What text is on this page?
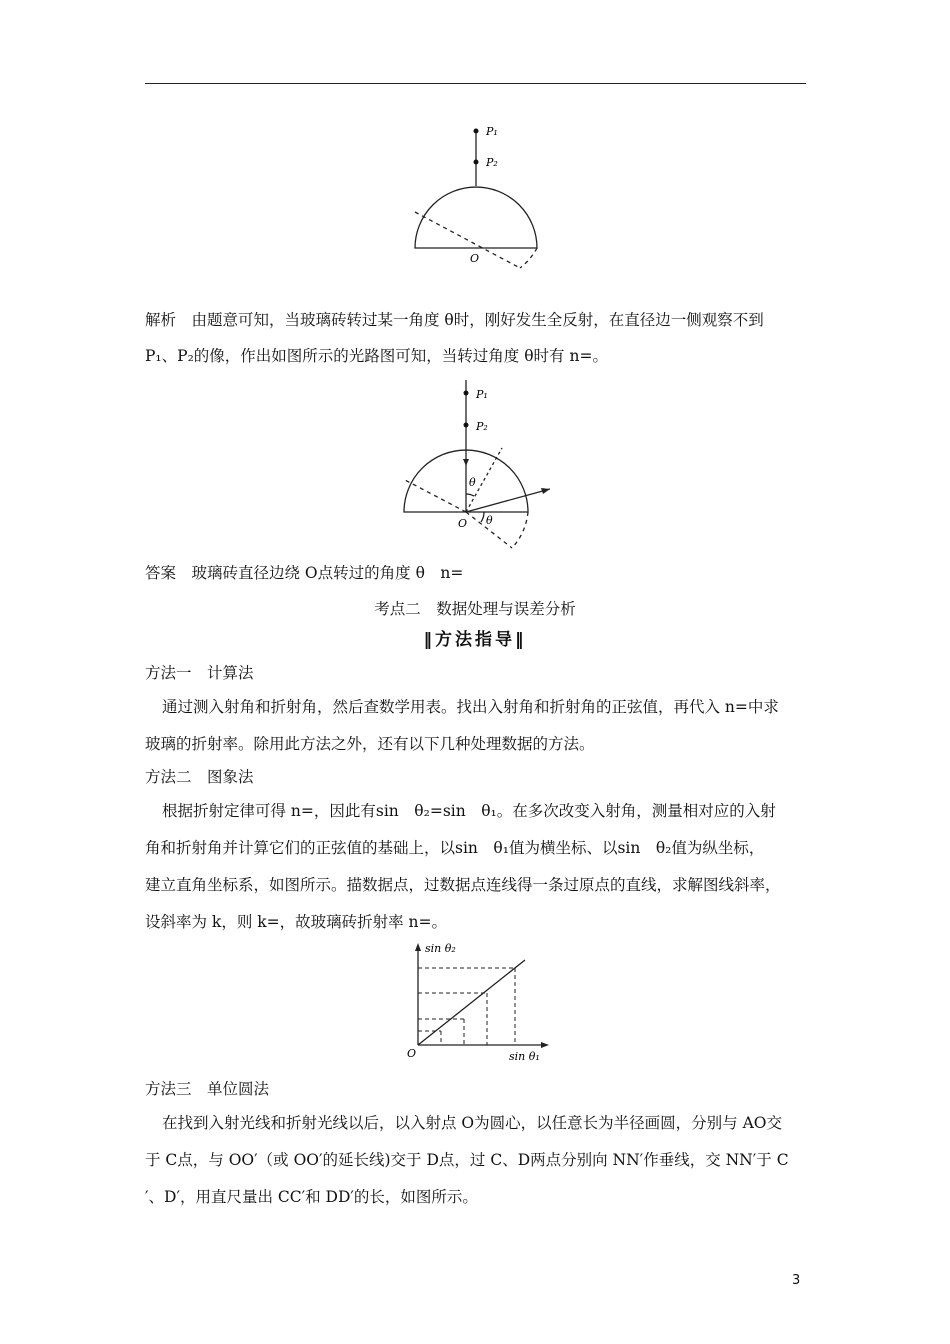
P₁
P₂
O
解析　由题意可知，当玻璃砖转过某一角度 θ时，刚好发生全反射，在直径边一侧观察不到
P₁、P₂的像，作出如图所示的光路图可知，当转过角度 θ时有 n=。
P₁
P₂
θ
θ
O
答案　玻璃砖直径边绕 O点转过的角度 θ　n=
考点二　数据处理与误差分析
‖方法指导‖
方法一　计算法
通过测入射角和折射角，然后查数学用表。找出入射角和折射角的正弦值，再代入 n=中求
玻璃的折射率。除用此方法之外，还有以下几种处理数据的方法。
方法二　图象法
根据折射定律可得 n=，因此有sin　θ₂=sin　θ₁。在多次改变入射角，测量相对应的入射
角和折射角并计算它们的正弦值的基础上，以sin　θ₁值为横坐标、以sin　θ₂值为纵坐标，
建立直角坐标系，如图所示。描数据点，过数据点连线得一条过原点的直线，求解图线斜率，
设斜率为 k，则 k=，故玻璃砖折射率 n=。
sin θ₂
sin θ₁
O
方法三　单位圆法
在找到入射光线和折射光线以后，以入射点 O为圆心，以任意长为半径画圆，分别与 AO交
于 C点，与 OO′（或 OO′的延长线)交于 D点，过 C、D两点分别向 NN′作垂线，交 NN′于 C
′、D′，用直尺量出 CC′和 DD′的长，如图所示。
3
